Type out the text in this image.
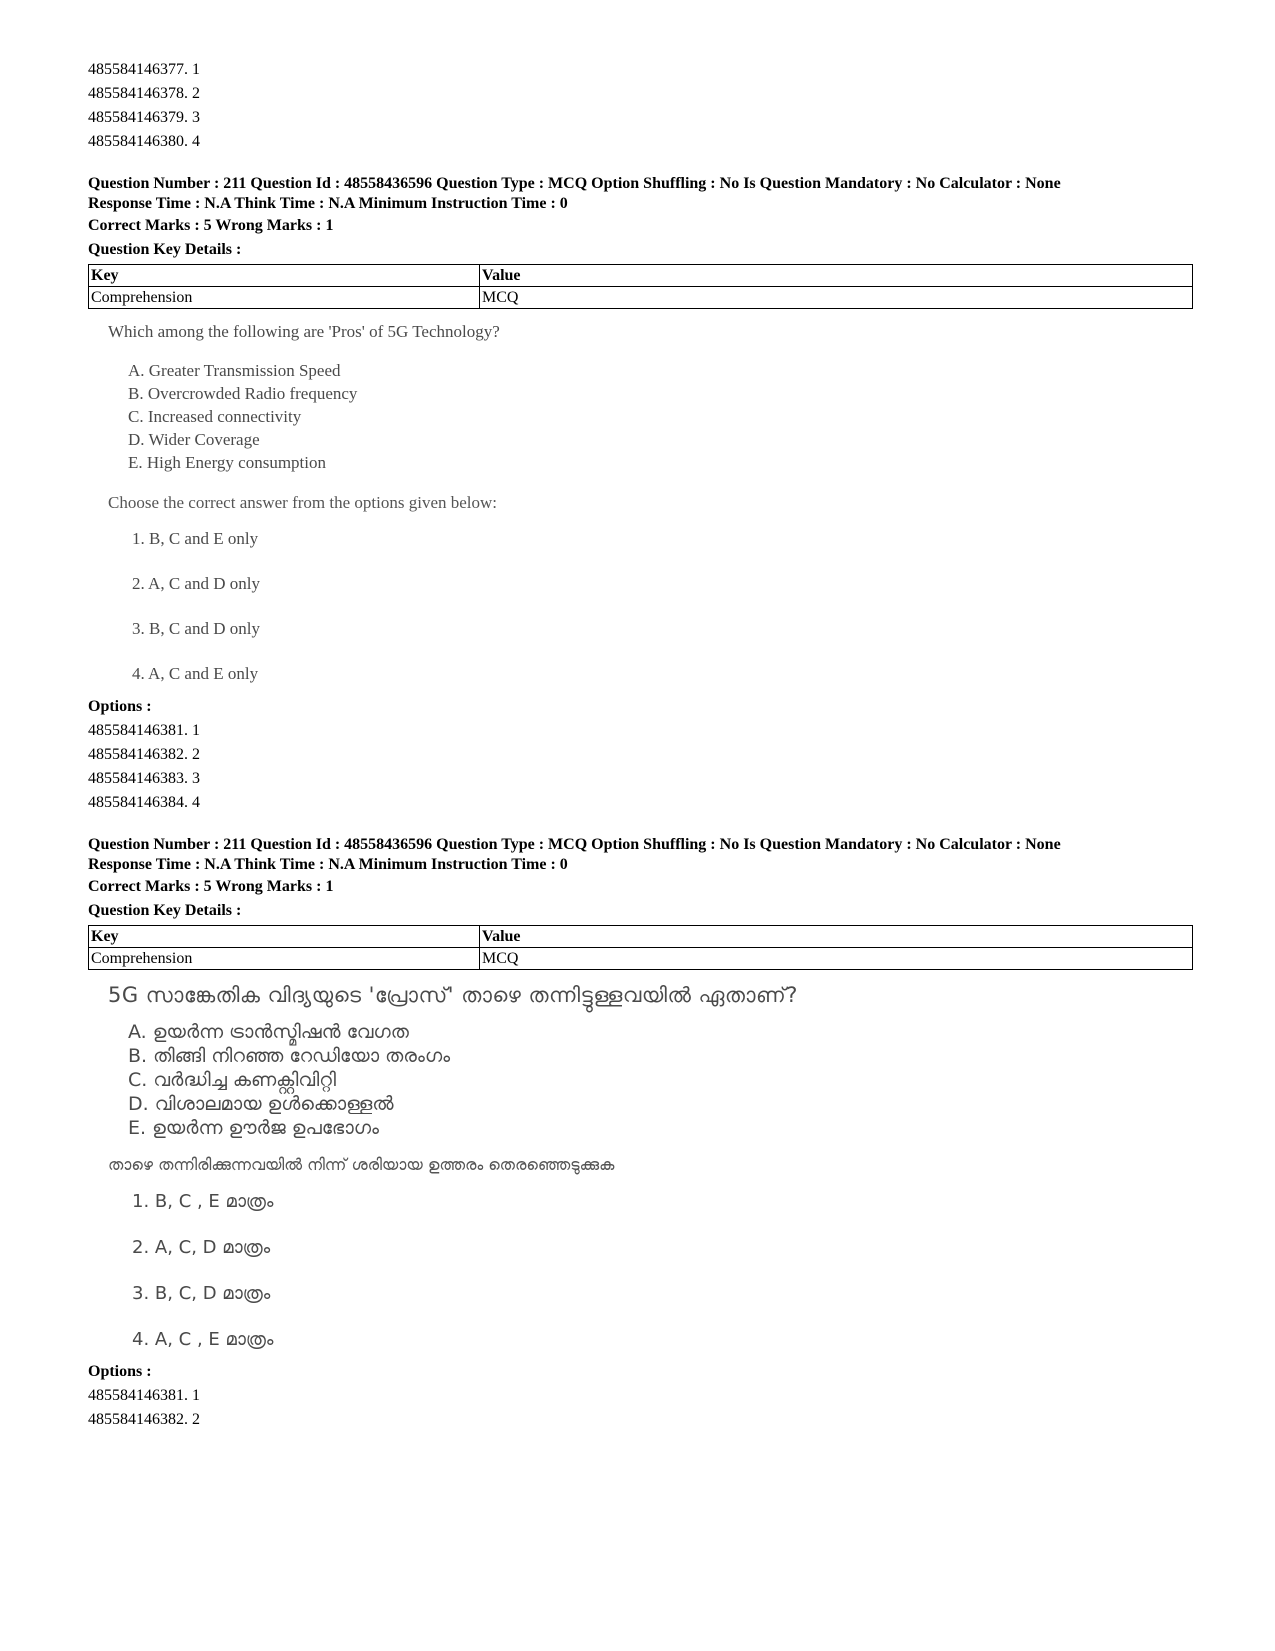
485584146377. 1
485584146378. 2
485584146379. 3
485584146380. 4
Question Number : 211 Question Id : 48558436596 Question Type : MCQ Option Shuffling : No Is Question Mandatory : No Calculator : None
Response Time : N.A Think Time : N.A Minimum Instruction Time : 0
Correct Marks : 5 Wrong Marks : 1
Question Key Details :
Key	Value
Comprehension	MCQ
Which among the following are 'Pros' of 5G Technology?
A. Greater Transmission Speed
B. Overcrowded Radio frequency
C. Increased connectivity
D. Wider Coverage
E. High Energy consumption
Choose the correct answer from the options given below:
1. B, C and E only
2. A, C and D only
3. B, C and D only
4. A, C and E only
Options :
485584146381. 1
485584146382. 2
485584146383. 3
485584146384. 4
Question Number : 211 Question Id : 48558436596 Question Type : MCQ Option Shuffling : No Is Question Mandatory : No Calculator : None
Response Time : N.A Think Time : N.A Minimum Instruction Time : 0
Correct Marks : 5 Wrong Marks : 1
Question Key Details :
Key	Value
Comprehension	MCQ
5G സാങ്കേതിക വിദ്യയുടെ 'പ്രോസ്' താഴെ തന്നിട്ടുള്ളവയിൽ ഏതാണ്?
A. ഉയർന്ന ട്രാൻസ്മിഷൻ വേഗത
B. തിങ്ങി നിറഞ്ഞ റേഡിയോ തരംഗം
C. വർദ്ധിച്ച കണക്റ്റിവിറ്റി
D. വിശാലമായ ഉൾക്കൊള്ളൽ
E. ഉയർന്ന ഊർജ ഉപഭോഗം
താഴെ തന്നിരിക്കുന്നവയിൽ നിന്ന് ശരിയായ ഉത്തരം തെരഞ്ഞെടുക്കുക
1. B, C , E മാത്രം
2. A, C, D മാത്രം
3. B, C, D മാത്രം
4. A, C , E മാത്രം
Options :
485584146381. 1
485584146382. 2
